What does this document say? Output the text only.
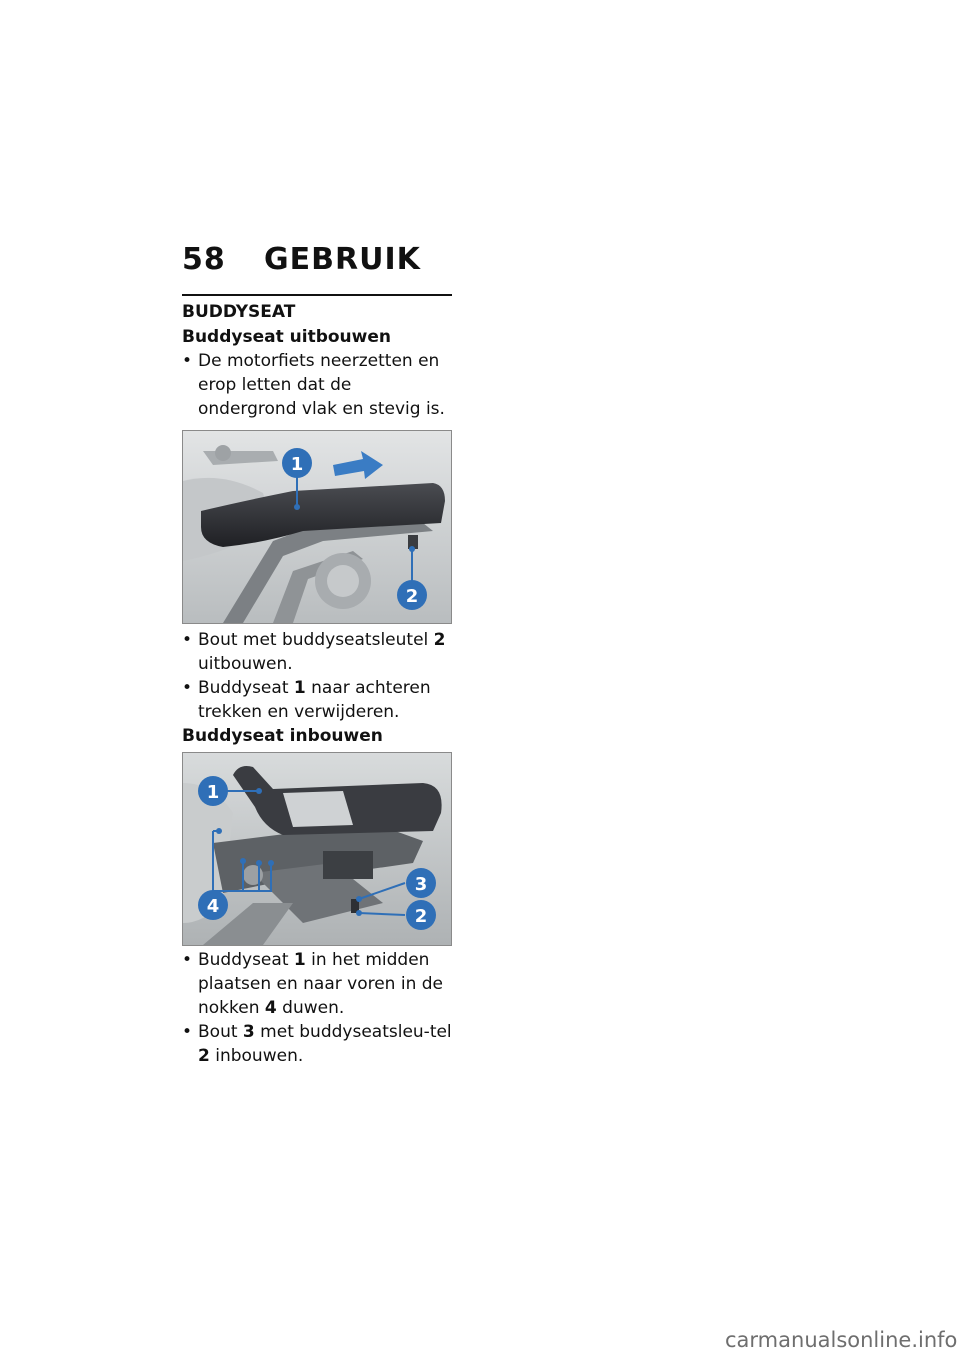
58 GEBRUIK
BUDDYSEAT
Buddyseat uitbouwen
• De motorfiets neerzetten en erop letten dat de ondergrond vlak en stevig is.
1
2
• Bout met buddyseatsleutel 2 uitbouwen.
• Buddyseat 1 naar achteren trekken en verwijderen.
Buddyseat inbouwen
1
4
3
2
• Buddyseat 1 in het midden plaatsen en naar voren in de nokken 4 duwen.
• Bout 3 met buddyseatsleu-tel 2 inbouwen.
carmanualsonline.info
